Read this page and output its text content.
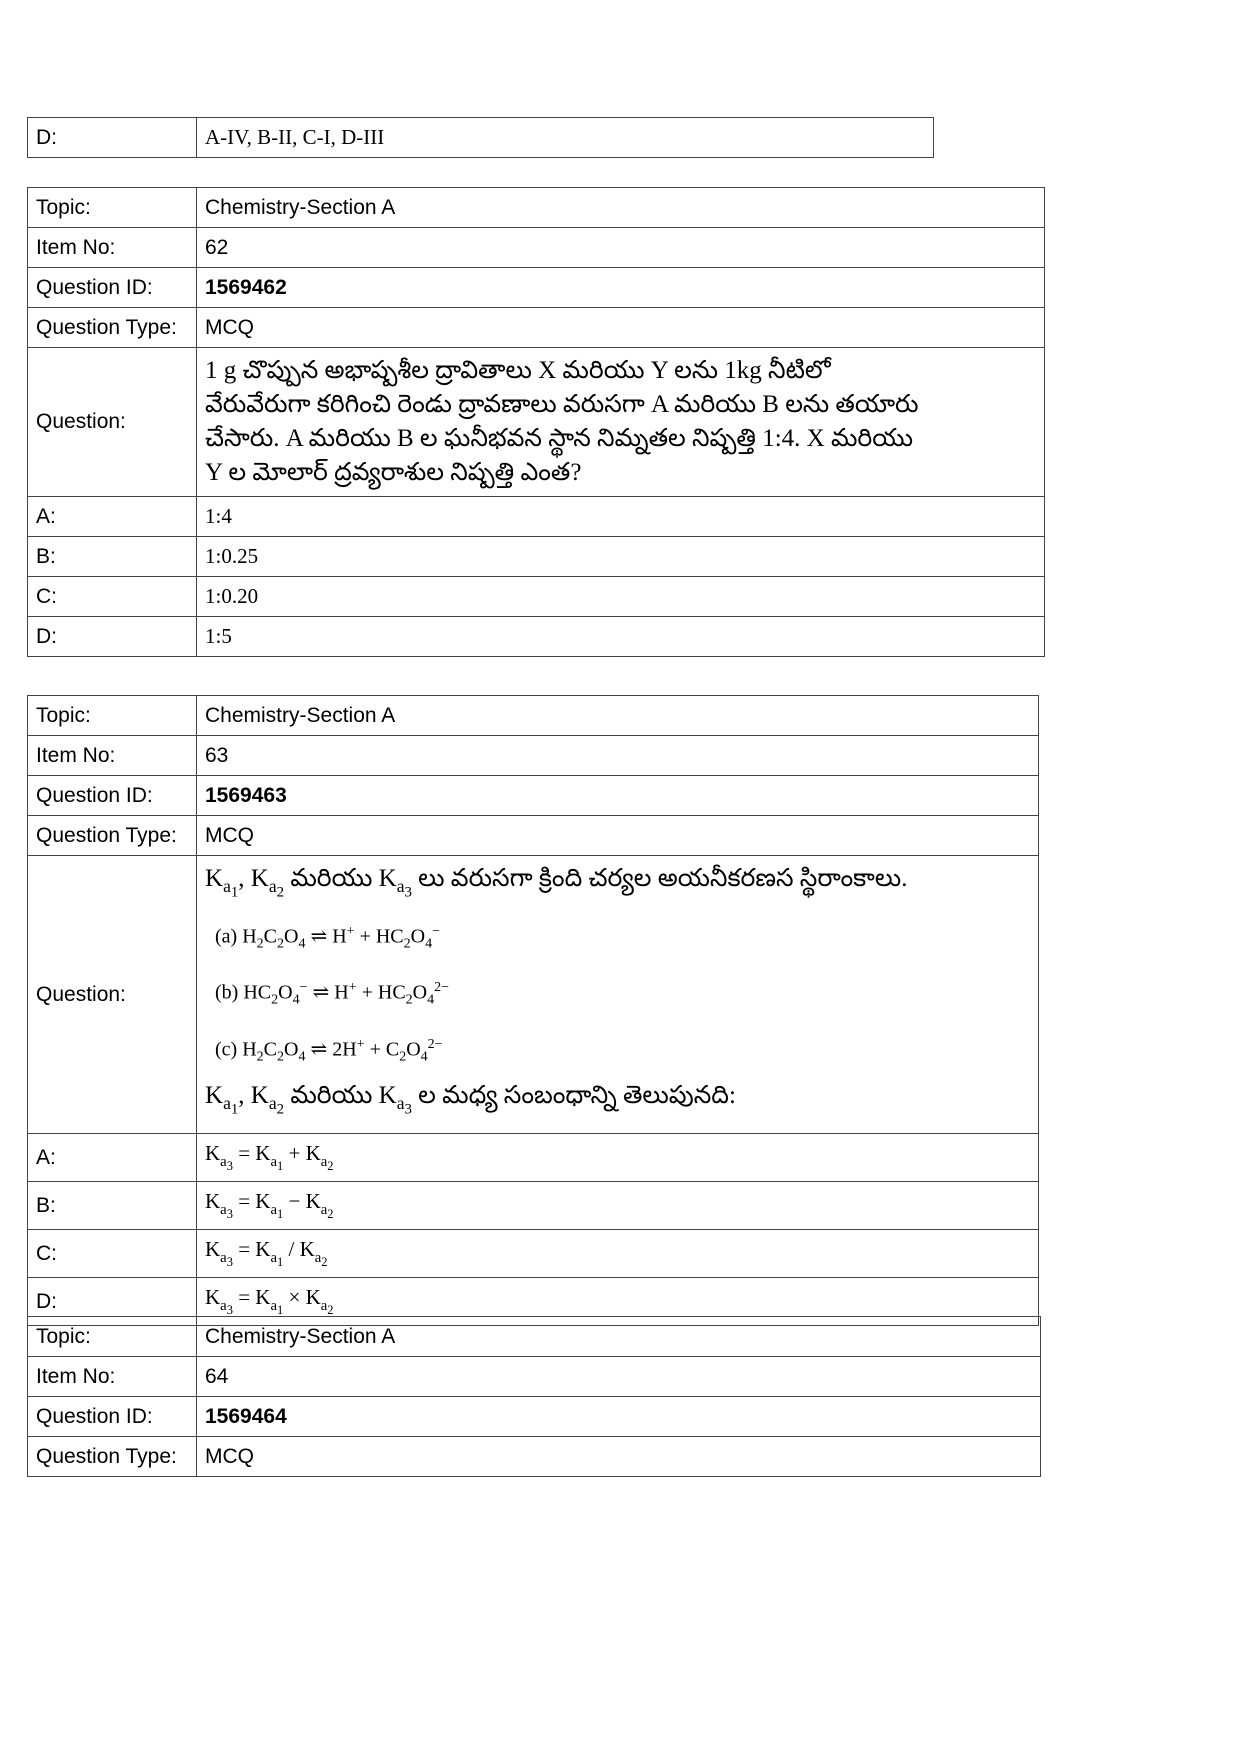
D:	A-IV, B-II, C-I, D-III
Topic:	Chemistry-Section A
Item No:	62
Question ID:	1569462
Question Type:	MCQ
Question:	1 g చొప్పున అభాష్పశీల ద్రావితాలు X మరియు Y లను 1kg నీటిలో
వేరువేరుగా కరిగించి రెండు ద్రావణాలు వరుసగా A మరియు B లను తయారు
చేసారు. A మరియు B ల ఘనీభవన స్థాన నిమ్నతల నిష్పత్తి 1:4. X మరియు
Y ల మోలార్ ద్రవ్యరాశుల నిష్పత్తి ఎంత?

A:	1:4
B:	1:0.25
C:	1:0.20
D:	1:5
Topic:	Chemistry-Section A
Item No:	63
Question ID:	1569463
Question Type:	MCQ
Question:	$K_{a_1}$, $K_{a_2}$ మరియు $K_{a_3}$ లు వరుసగా క్రింది చర్యల అయనీకరణస స్థిరాంకాలు.
(a) $H_2C_2O_4$ ⇌ $H^+ + HC_2O_4^-$
(b) $HC_2O_4^-$ ⇌ $H^+ + HC_2O_4^{2-}$
(c) $H_2C_2O_4$ ⇌ $2H^+ + C_2O_4^{2-}$
$K_{a_1}$, $K_{a_2}$ మరియు $K_{a_3}$ ల మధ్య సంబంధాన్ని తెలుపునది:

A:	$K_{a_3} = K_{a_1} + K_{a_2}$
B:	$K_{a_3} = K_{a_1} - K_{a_2}$
C:	$K_{a_3} = K_{a_1} / K_{a_2}$
D:	$K_{a_3} = K_{a_1} \times K_{a_2}$
Topic:	Chemistry-Section A
Item No:	64
Question ID:	1569464
Question Type:	MCQ
